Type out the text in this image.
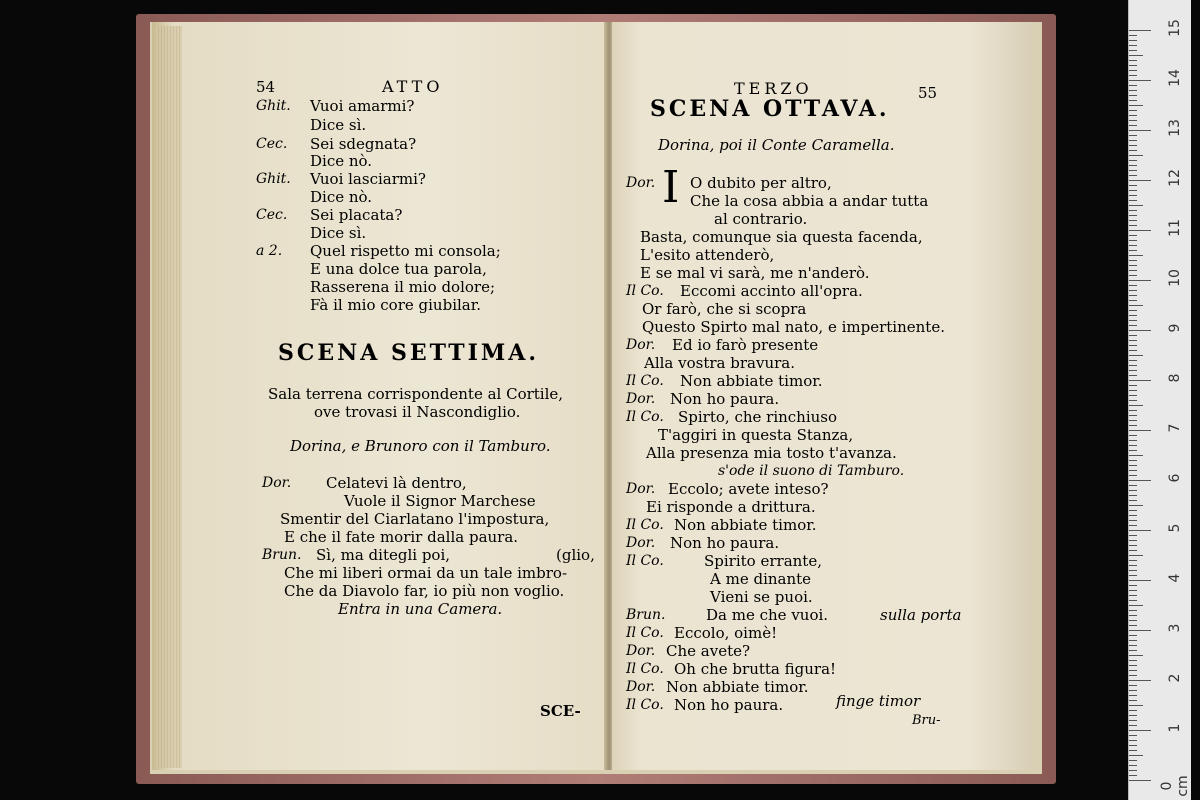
54	ATTO
Ghit. Vuoi amarmi?
Dice sì.
Cec. Sei sdegnata?
Dice nò.
Ghit. Vuoi lasciarmi?
Dice nò.
Cec. Sei placata?
Dice sì.
a 2. Quel rispetto mi consola;
E una dolce tua parola,
Rasserena il mio dolore;
Fà il mio core giubilar.
SCENA SETTIMA.
Sala terrena corrispondente al Cortile,
ove trovasi il Nascondiglio.
Dorina, e Brunoro con il Tamburo.
Dor. Celatevi là dentro,
Vuole il Signor Marchese
Smentir del Ciarlatano l'impostura,
E che il fate morir dalla paura.
Brun. Sì, ma ditegli poi,	(glio,
Che mi liberi ormai da un tale imbro-
Che da Diavolo far, io più non voglio.
Entra in una Camera.
SCE-
TERZO	55
SCENA OTTAVA.
Dorina, poi il Conte Caramella.
Dor. I O dubito per altro,
Che la cosa abbia a andar tutta
al contrario.
Basta, comunque sia questa facenda,
L'esito attenderò,
E se mal vi sarà, me n'anderò.
Il Co. Eccomi accinto all'opra.
Or farò, che si scopra
Questo Spirto mal nato, e impertinente.
Dor. Ed io farò presente
Alla vostra bravura.
Il Co. Non abbiate timor.
Dor. Non ho paura.
Il Co. Spirto, che rinchiuso
T'aggiri in questa Stanza,
Alla presenza mia tosto t'avanza.
s'ode il suono di Tamburo.
Dor. Eccolo; avete inteso?
Ei risponde a drittura.
Il Co. Non abbiate timor.
Dor. Non ho paura.
Il Co.	Spirito errante,
A me dinante
Vieni se puoi.
Brun.	Da me che vuoi.	sulla porta
Il Co. Eccolo, oimè!
Dor. Che avete?
Il Co. Oh che brutta figura!
Dor. Non abbiate timor.
Il Co. Non ho paura.	finge timor
Bru-
15
14
13
12
11
10
9
8
7
6
5
4
3
2
1
0 cm
